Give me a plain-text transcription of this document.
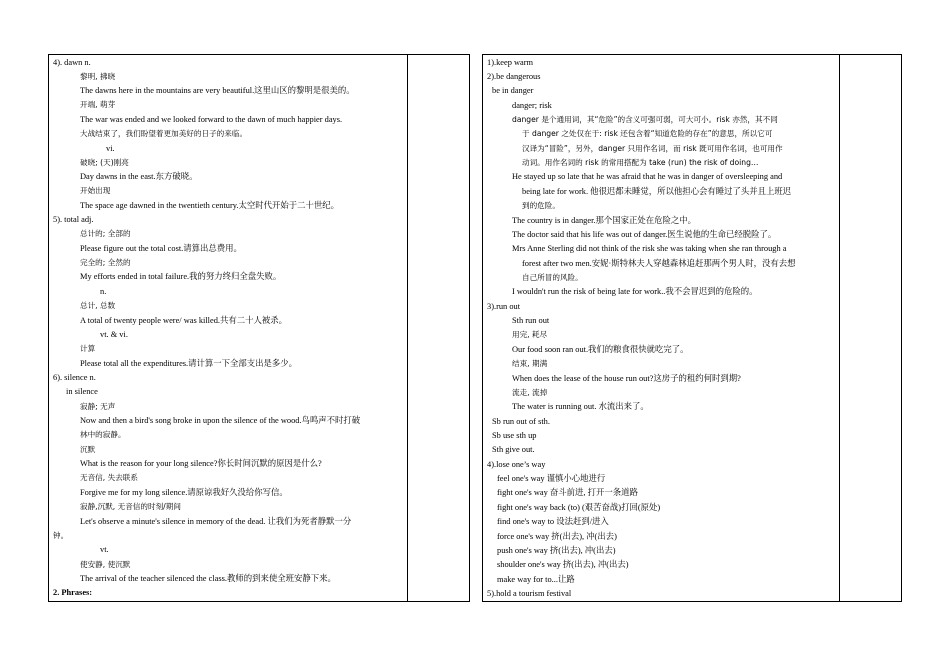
4). dawn n.
黎明, 拂晓
The dawns here in the mountains are very beautiful.这里山区的黎明是很美的。
开端, 萌芽
The war was ended and we looked forward to the dawn of much happier days.
大战结束了，我们盼望着更加美好的日子的来临。
vi.
破晓; (天)刚亮
Day dawns in the east.东方破晓。
开始出现
The space age dawned in the twentieth century.太空时代开始于二十世纪。
5). total adj.
总计的; 全部的
Please figure out the total cost.请算出总费用。
完全的; 全然的
My efforts ended in total failure.我的努力终归全盘失败。
n.
总计, 总数
A total of twenty people were/ was killed.共有二十人被杀。
vt. & vi.
计算
Please total all the expenditures.请计算一下全部支出是多少。
6). silence n.
in silence
寂静; 无声
Now and then a bird's song broke in upon the silence of the wood.鸟鸣声不时打破
林中的寂静。
沉默
What is the reason for your long silence?你长时间沉默的原因是什么?
无音信, 失去联系
Forgive me for my long silence.请原谅我好久没给你写信。
寂静,沉默, 无音信的时刻/期间
Let's observe a minute's silence in memory of the dead. 让我们为死者静默一分
钟。
vt.
使安静, 使沉默
The arrival of the teacher silenced the class.教师的到来使全班安静下来。
2. Phrases:
1).keep warm
2).be dangerous
be in danger
danger; risk
danger 是个通用词，其“危险”的含义可强可弱，可大可小。risk 亦然，其不同
于 danger 之处仅在于: risk 还包含着“知道危险的存在”的意思，所以它可
汉译为“冒险”，另外，danger 只用作名词，而 risk 既可用作名词，也可用作
动词。用作名词的 risk 的常用搭配为 take (run) the risk of doing…
He stayed up so late that he was afraid that he was in danger of oversleeping and
being late for work. 他很迟都未睡觉，所以他担心会有睡过了头并且上班迟
到的危险。
The country is in danger.那个国家正处在危险之中。
The doctor said that his life was out of danger.医生说他的生命已经脱险了。
Mrs Anne Sterling did not think of the risk she was taking when she ran through a
forest after two men.安妮·斯特林夫人穿越森林追赶那两个男人时，没有去想
自己所冒的风险。
I wouldn't run the risk of being late for work..我不会冒迟到的危险的。
3).run out
Sth run out
用完, 耗尽
Our food soon ran out.我们的粮食很快就吃完了。
结束, 期满
When does the lease of the house run out?这房子的租约何时到期?
流走, 流掉
The water is running out. 水流出来了。
Sb run out of sth.
Sb use sth up
Sth give out.
4).lose one’s way
feel one's way 谨慎小心地进行
fight one's way 奋斗前进, 打开一条道路
fight one's way back (to) (艰苦奋战)打回(原处)
find one's way to 设法赶到/进入
force one's way 挤(出去), 冲(出去)
push one's way 挤(出去), 冲(出去)
shoulder one's way 挤(出去), 冲(出去)
make way for to...让路
5).hold a tourism festival
